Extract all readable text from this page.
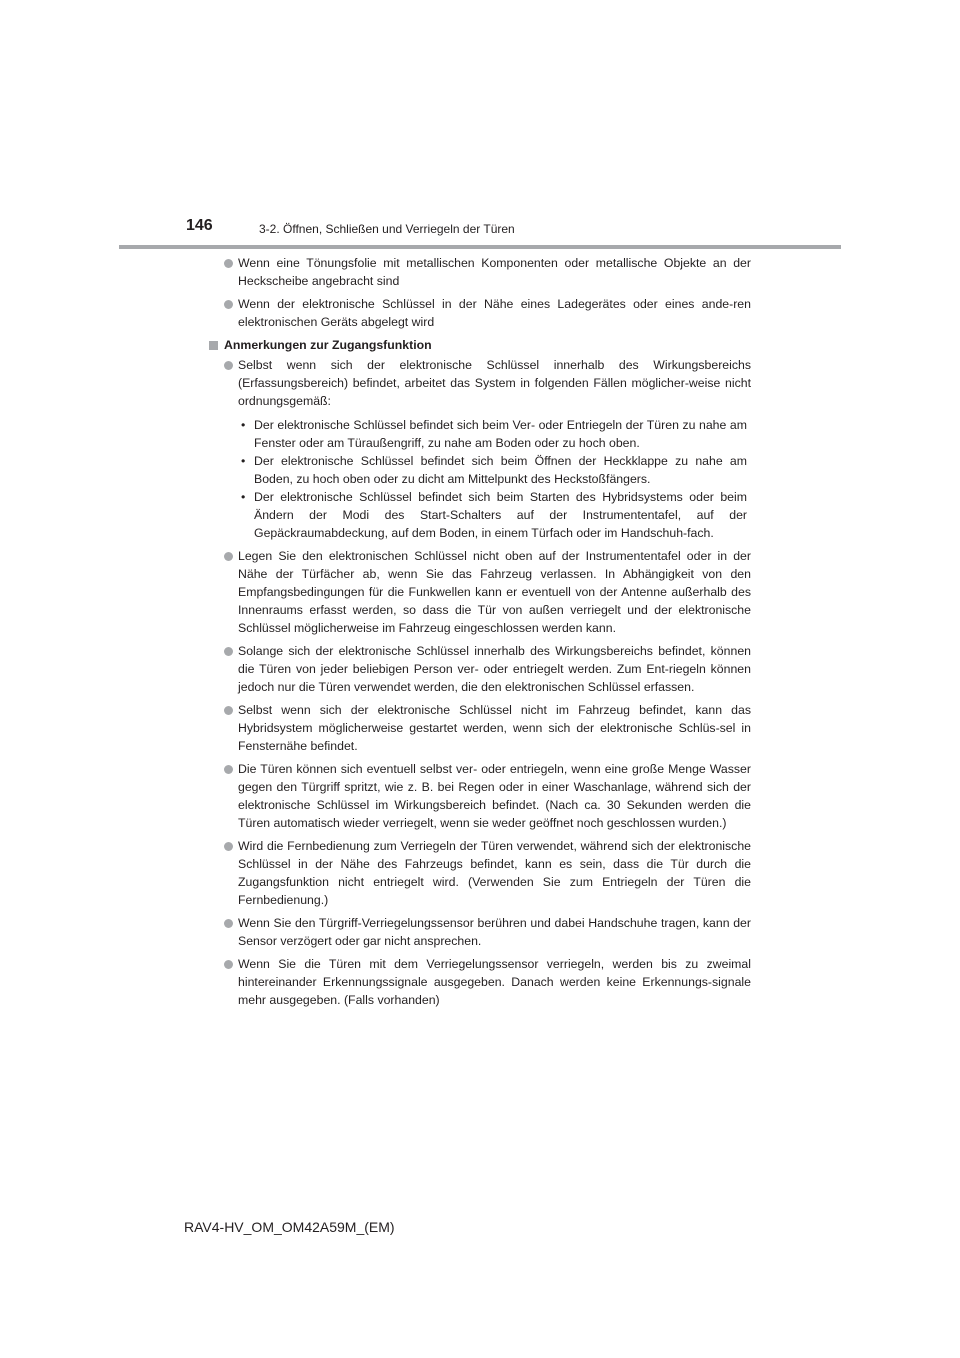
146	3-2. Öffnen, Schließen und Verriegeln der Türen
Wenn eine Tönungsfolie mit metallischen Komponenten oder metallische Objekte an der Heckscheibe angebracht sind
Wenn der elektronische Schlüssel in der Nähe eines Ladegerätes oder eines ande-ren elektronischen Geräts abgelegt wird
Anmerkungen zur Zugangsfunktion
Selbst wenn sich der elektronische Schlüssel innerhalb des Wirkungsbereichs (Erfassungsbereich) befindet, arbeitet das System in folgenden Fällen möglicher-weise nicht ordnungsgemäß:
• Der elektronische Schlüssel befindet sich beim Ver- oder Entriegeln der Türen zu nahe am Fenster oder am Türaußengriff, zu nahe am Boden oder zu hoch oben.
• Der elektronische Schlüssel befindet sich beim Öffnen der Heckklappe zu nahe am Boden, zu hoch oben oder zu dicht am Mittelpunkt des Heckstoßfängers.
• Der elektronische Schlüssel befindet sich beim Starten des Hybridsystems oder beim Ändern der Modi des Start-Schalters auf der Instrumententafel, auf der Gepäckraumabdeckung, auf dem Boden, in einem Türfach oder im Handschuh-fach.
Legen Sie den elektronischen Schlüssel nicht oben auf der Instrumententafel oder in der Nähe der Türfächer ab, wenn Sie das Fahrzeug verlassen. In Abhängigkeit von den Empfangsbedingungen für die Funkwellen kann er eventuell von der Antenne außerhalb des Innenraums erfasst werden, so dass die Tür von außen verriegelt und der elektronische Schlüssel möglicherweise im Fahrzeug eingeschlossen werden kann.
Solange sich der elektronische Schlüssel innerhalb des Wirkungsbereichs befindet, können die Türen von jeder beliebigen Person ver- oder entriegelt werden. Zum Ent-riegeln können jedoch nur die Türen verwendet werden, die den elektronischen Schlüssel erfassen.
Selbst wenn sich der elektronische Schlüssel nicht im Fahrzeug befindet, kann das Hybridsystem möglicherweise gestartet werden, wenn sich der elektronische Schlüs-sel in Fensternähe befindet.
Die Türen können sich eventuell selbst ver- oder entriegeln, wenn eine große Menge Wasser gegen den Türgriff spritzt, wie z. B. bei Regen oder in einer Waschanlage, während sich der elektronische Schlüssel im Wirkungsbereich befindet. (Nach ca. 30 Sekunden werden die Türen automatisch wieder verriegelt, wenn sie weder geöffnet noch geschlossen wurden.)
Wird die Fernbedienung zum Verriegeln der Türen verwendet, während sich der elektronische Schlüssel in der Nähe des Fahrzeugs befindet, kann es sein, dass die Tür durch die Zugangsfunktion nicht entriegelt wird. (Verwenden Sie zum Entriegeln der Türen die Fernbedienung.)
Wenn Sie den Türgriff-Verriegelungssensor berühren und dabei Handschuhe tragen, kann der Sensor verzögert oder gar nicht ansprechen.
Wenn Sie die Türen mit dem Verriegelungssensor verriegeln, werden bis zu zweimal hintereinander Erkennungssignale ausgegeben. Danach werden keine Erkennungs-signale mehr ausgegeben. (Falls vorhanden)
RAV4-HV_OM_OM42A59M_(EM)
